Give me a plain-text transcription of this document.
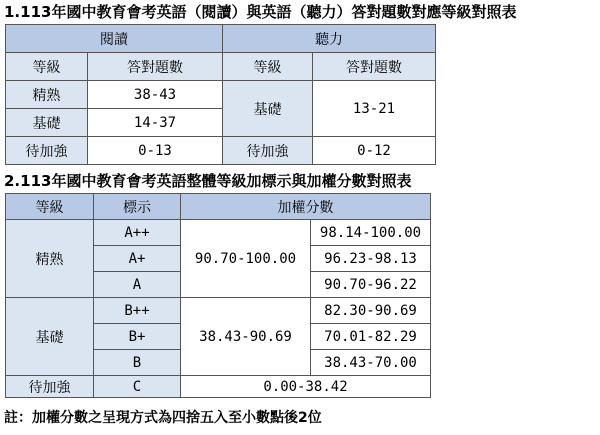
1.113年國中教育會考英語（閱讀）與英語（聽力）答對題數對應等級對照表
閱讀		聽力	
等級	答對題數	等級	答對題數
精熟	38-43	基礎	13-21
基礎	14-37		
待加強	0-13	待加強	0-12
2.113年國中教育會考英語整體等級加標示與加權分數對照表
等級	標示	加權分數	
精熟	A++	90.70-100.00	98.14-100.00
	A+		96.23-98.13
	A		90.70-96.22
基礎	B++	38.43-90.69	82.30-90.69
	B+		70.01-82.29
	B		38.43-70.00
待加強	C	0.00-38.42	
註：加權分數之呈現方式為四捨五入至小數點後2位
